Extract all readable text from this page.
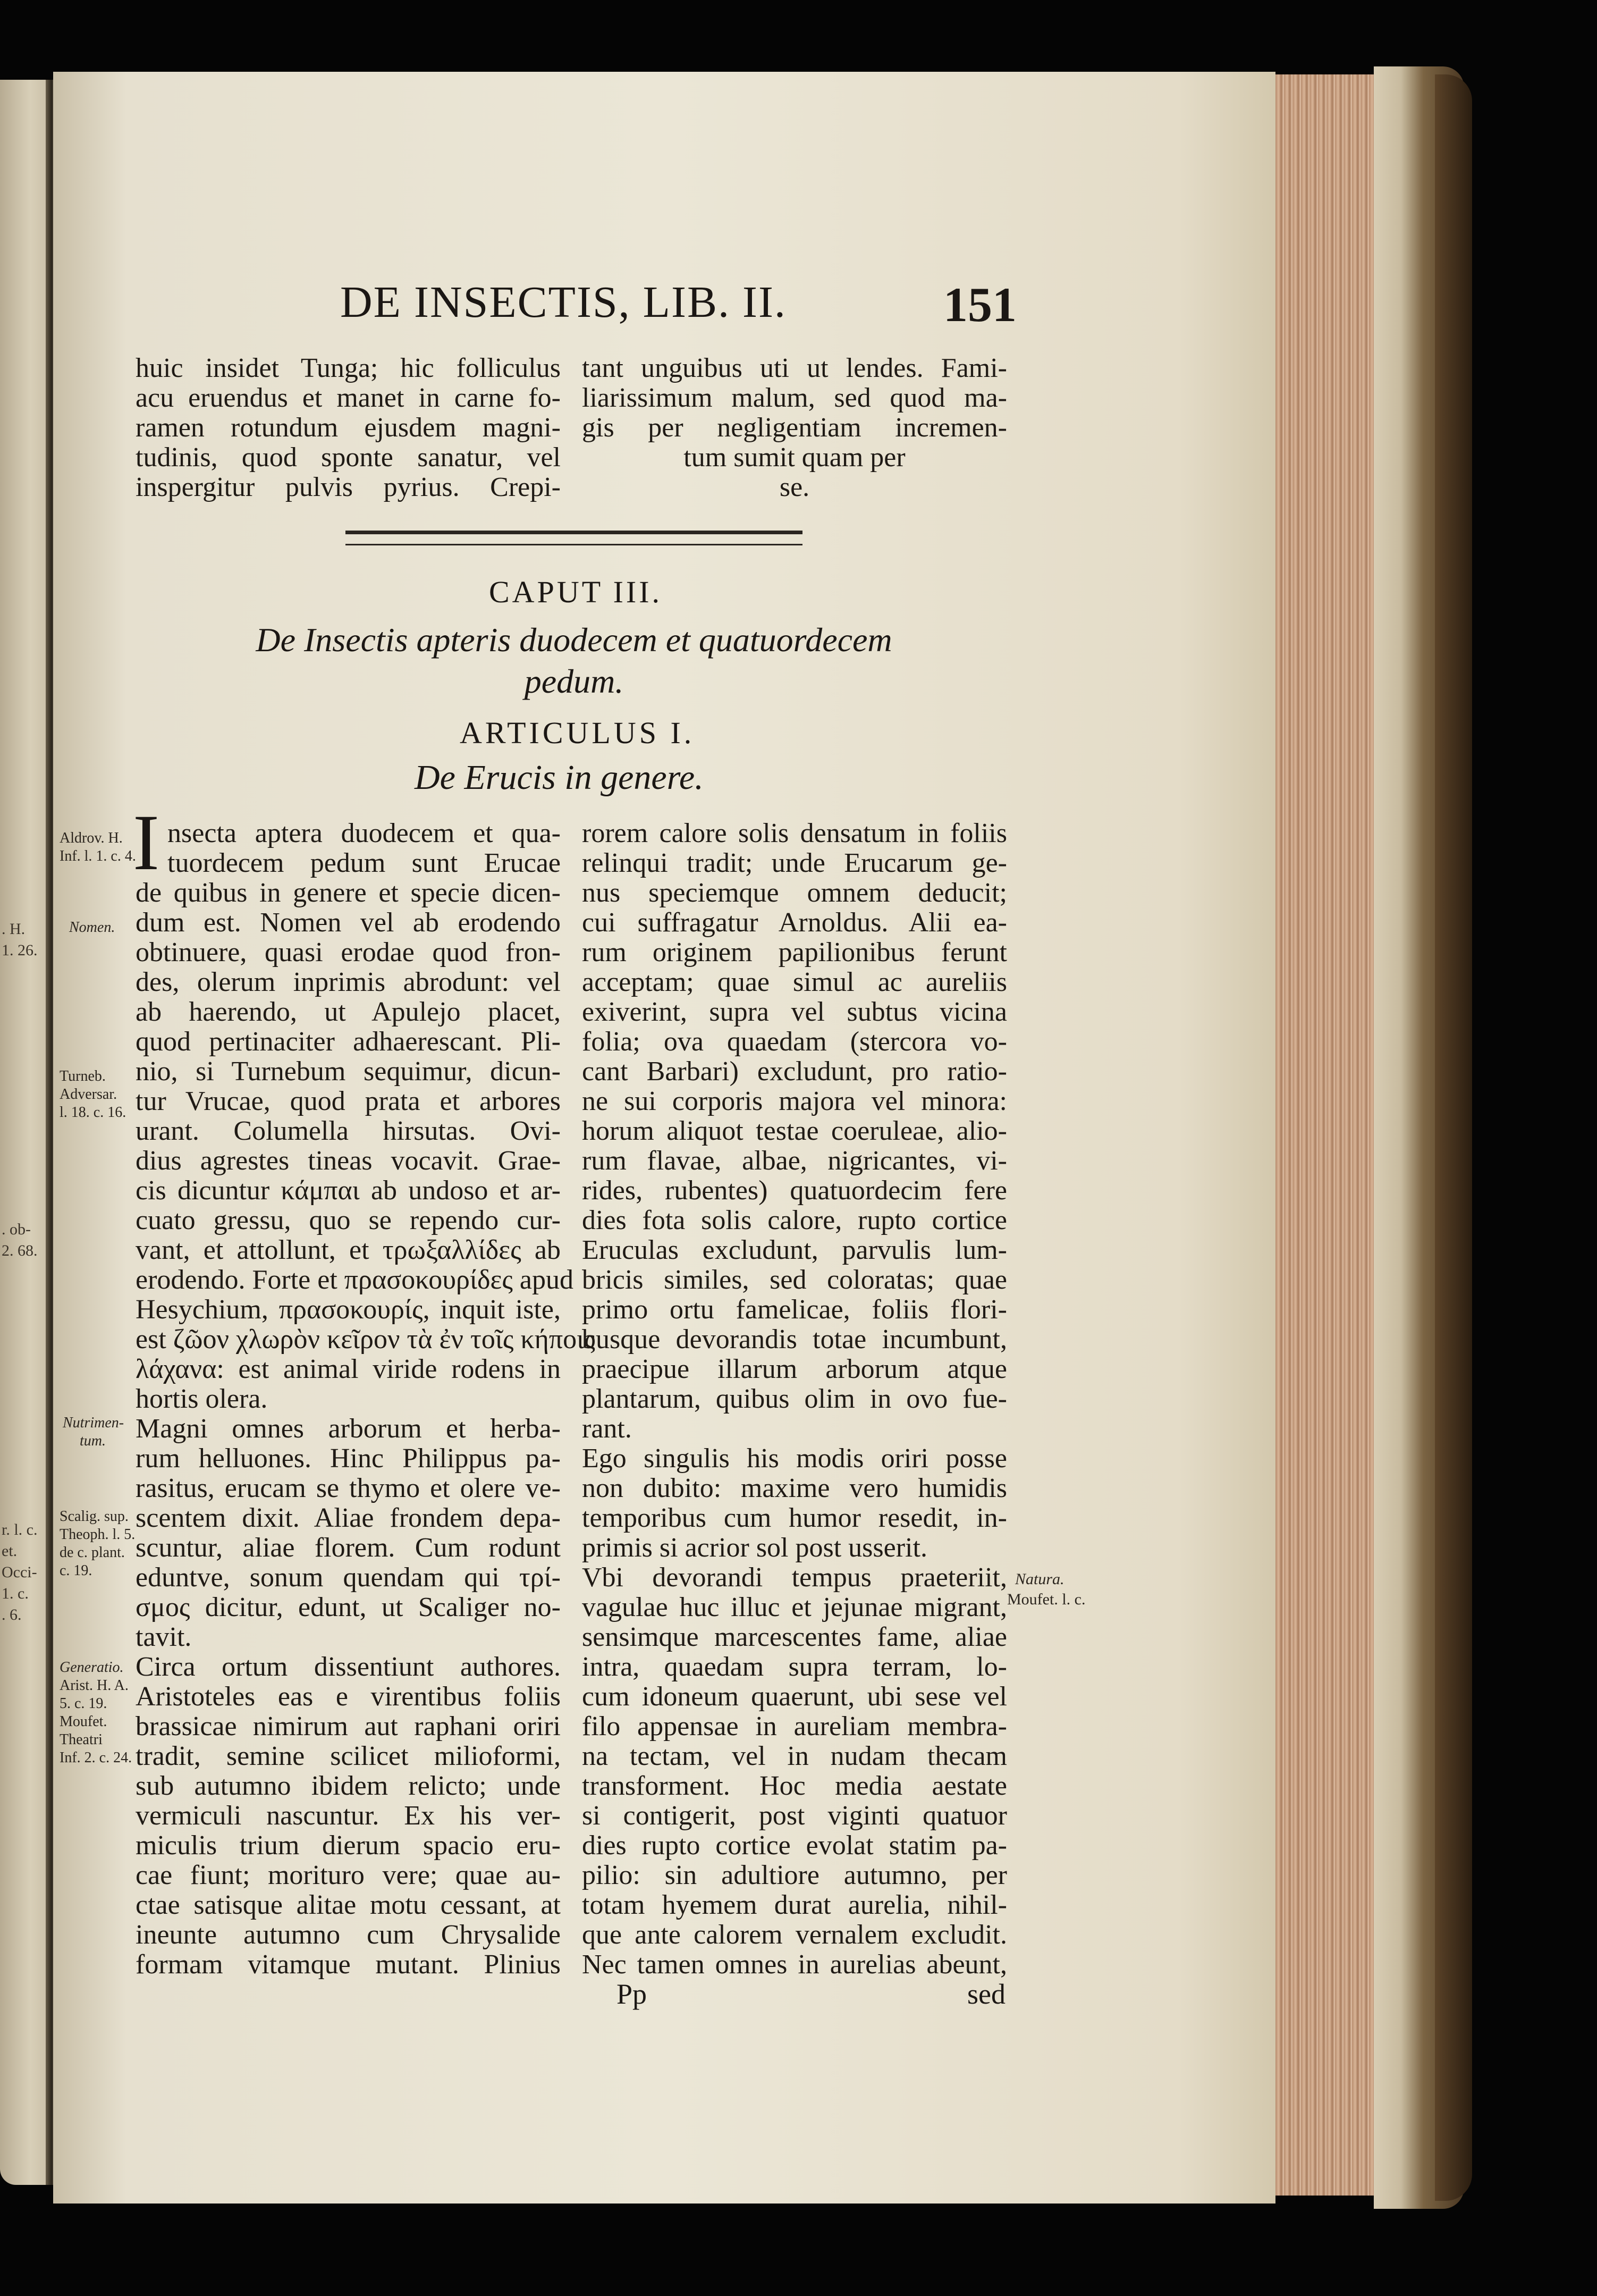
. H.
1. 26.
. ob-
2. 68.
r. l. c.
et.
Occi-
1. c.
. 6.
DE INSECTIS, LIB. II.	151
huic insidet Tunga; hic folliculus
acu eruendus et manet in carne fo-
ramen rotundum ejusdem magni-
tudinis, quod sponte sanatur, vel
inspergitur pulvis pyrius. Crepi-
tant unguibus uti ut lendes. Fami-
liarissimum malum, sed quod ma-
gis per negligentiam incremen-
tum sumit quam per
se.
CAPUT III.
De Insectis apteris duodecem et quatuordecem pedum.
ARTICULUS I.
De Erucis in genere.
I nsecta aptera duodecem et qua-
tuordecem pedum sunt Erucae
de quibus in genere et specie dicen-
dum est. Nomen vel ab erodendo
obtinuere, quasi erodae quod fron-
des, olerum inprimis abrodunt: vel
ab haerendo, ut Apulejo placet,
quod pertinaciter adhaerescant. Pli-
nio, si Turnebum sequimur, dicun-
tur Vrucae, quod prata et arbores
urant. Columella hirsutas. Ovi-
dius agrestes tineas vocavit. Grae-
cis dicuntur κάμπαι ab undoso et ar-
cuato gressu, quo se rependo cur-
vant, et attollunt, et τρωξαλλίδες ab
erodendo. Forte et πρασοκουρίδες apud
Hesychium, πρασοκουρίς, inquit iste,
est ζῶον χλωρὸν κεῖρον τὰ ἐν τοῖς κήποις
λάχανα: est animal viride rodens in
hortis olera.
Magni omnes arborum et herba-
rum helluones. Hinc Philippus pa-
rasitus, erucam se thymo et olere ve-
scentem dixit. Aliae frondem depa-
scuntur, aliae florem. Cum rodunt
eduntve, sonum quendam qui τρί-
σμος dicitur, edunt, ut Scaliger no-
tavit.
Circa ortum dissentiunt authores.
Aristoteles eas e virentibus foliis
brassicae nimirum aut raphani oriri
tradit, semine scilicet milioformi,
sub autumno ibidem relicto; unde
vermiculi nascuntur. Ex his ver-
miculis trium dierum spacio eru-
cae fiunt; morituro vere; quae au-
ctae satisque alitae motu cessant, at
ineunte autumno cum Chrysalide
formam vitamque mutant. Plinius
rorem calore solis densatum in foliis
relinqui tradit; unde Erucarum ge-
nus speciemque omnem deducit;
cui suffragatur Arnoldus. Alii ea-
rum originem papilionibus ferunt
acceptam; quae simul ac aureliis
exiverint, supra vel subtus vicina
folia; ova quaedam (stercora vo-
cant Barbari) excludunt, pro ratio-
ne sui corporis majora vel minora:
horum aliquot testae coeruleae, alio-
rum flavae, albae, nigricantes, vi-
rides, rubentes) quatuordecim fere
dies fota solis calore, rupto cortice
Eruculas excludunt, parvulis lum-
bricis similes, sed coloratas; quae
primo ortu famelicae, foliis flori-
busque devorandis totae incumbunt,
praecipue illarum arborum atque
plantarum, quibus olim in ovo fue-
rant.
Ego singulis his modis oriri posse
non dubito: maxime vero humidis
temporibus cum humor resedit, in-
primis si acrior sol post usserit.
Vbi devorandi tempus praeteriit,
vagulae huc illuc et jejunae migrant,
sensimque marcescentes fame, aliae
intra, quaedam supra terram, lo-
cum idoneum quaerunt, ubi sese vel
filo appensae in aureliam membra-
na tectam, vel in nudam thecam
transforment. Hoc media aestate
si contigerit, post viginti quatuor
dies rupto cortice evolat statim pa-
pilio: sin adultiore autumno, per
totam hyemem durat aurelia, nihil-
que ante calorem vernalem excludit.
Nec tamen omnes in aurelias abeunt,
Aldrov. H.
Inf. l. 1. c. 4.
Nomen.
Turneb.
Adversar.
l. 18. c. 16.
Nutrimen-
tum.
Scalig. sup.
Theoph. l. 5.
de c. plant.
c. 19.
Generatio.
Arist. H. A.
5. c. 19.
Moufet.
Theatri
Inf. 2. c. 24.
Natura.
Moufet. l. c.
Pp	sed
